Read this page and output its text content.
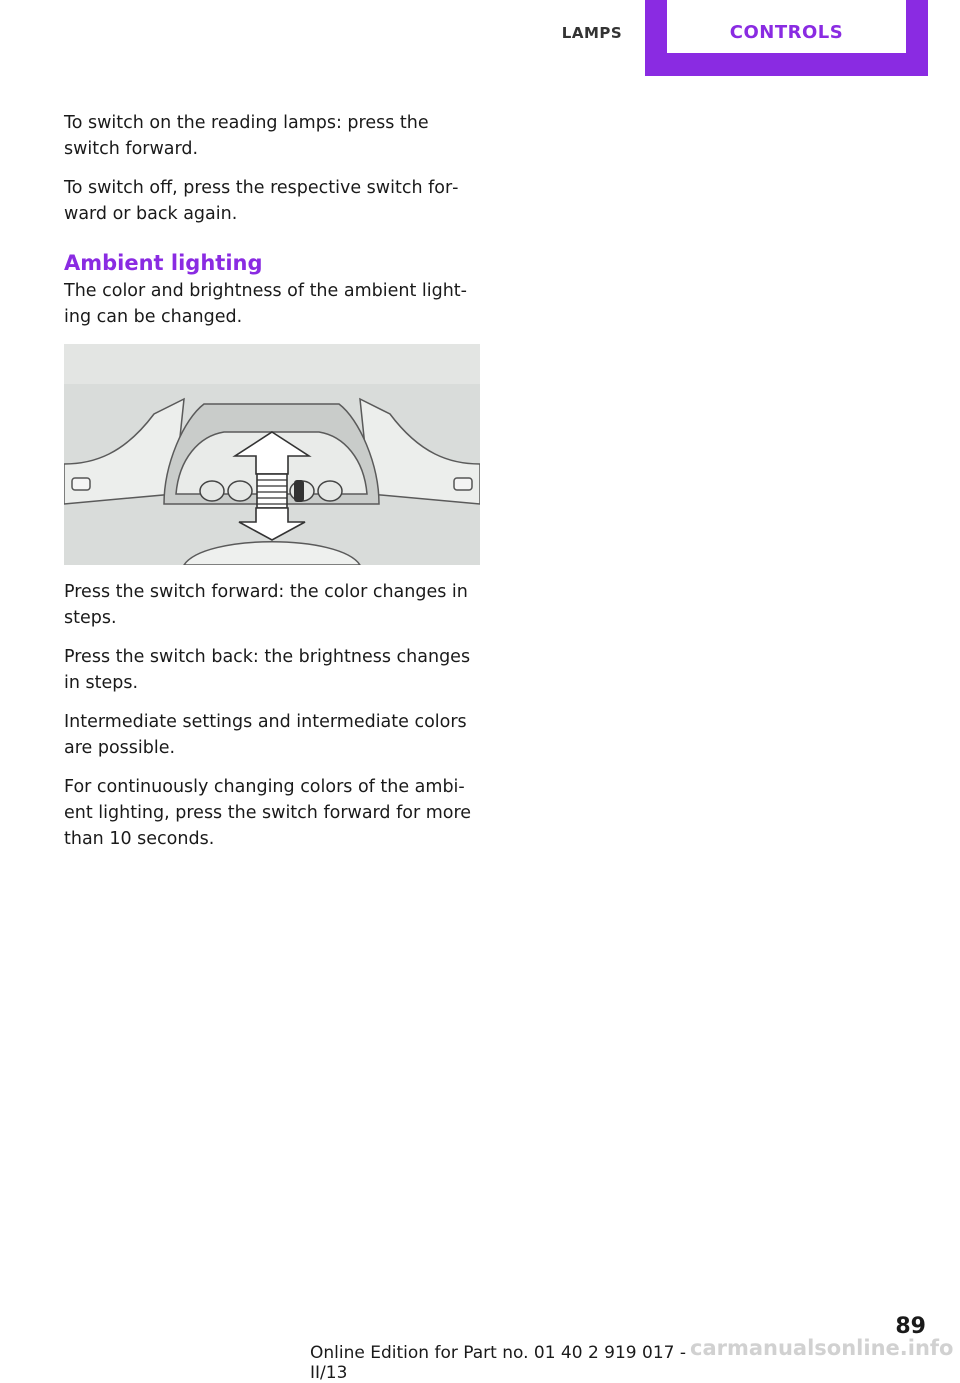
LAMPS	CONTROLS

To switch on the reading lamps: press the switch forward.

To switch off, press the respective switch for‐ward or back again.

Ambient lighting

The color and brightness of the ambient light‐ing can be changed.

Press the switch forward: the color changes in steps.

Press the switch back: the brightness changes in steps.

Intermediate settings and intermediate colors are possible.

For continuously changing colors of the ambi‐ent lighting, press the switch forward for more than 10 seconds.

carmanualsonline.info
Online Edition for Part no. 01 40 2 919 017 - II/13
89
